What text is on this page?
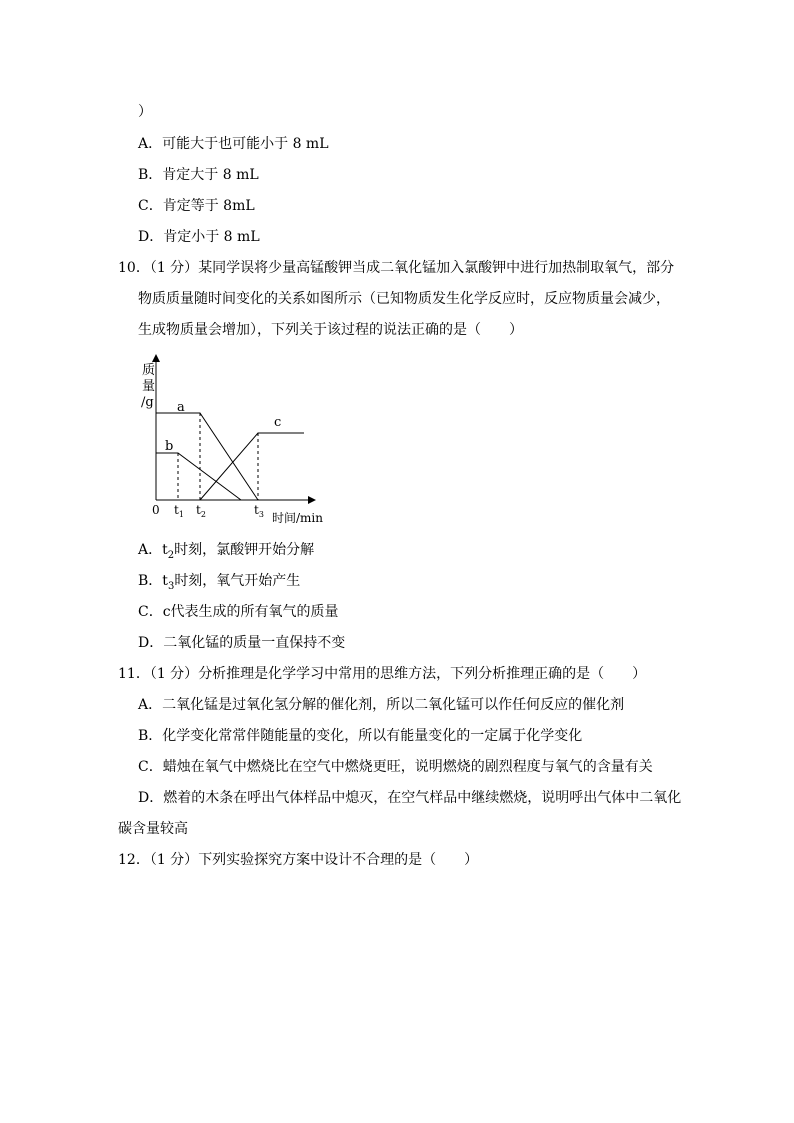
）
A．可能大于也可能小于 8 mL
B．肯定大于 8 mL
C．肯定等于 8mL
D．肯定小于 8 mL
10．（1 分）某同学误将少量高锰酸钾当成二氧化锰加入氯酸钾中进行加热制取氧气，部分
物质质量随时间变化的关系如图所示（已知物质发生化学反应时，反应物质量会减少，
生成物质量会增加），下列关于该过程的说法正确的是（　　）
质
量
/g
0
时间/min
a
b
c
$t_1$ $t_2$	$t_3$
A．$t_2$时刻，氯酸钾开始分解
B．$t_3$时刻，氧气开始产生
C．c代表生成的所有氧气的质量
D．二氧化锰的质量一直保持不变
11．（1 分）分析推理是化学学习中常用的思维方法，下列分析推理正确的是（　　）
A．二氧化锰是过氧化氢分解的催化剂，所以二氧化锰可以作任何反应的催化剂
B．化学变化常常伴随能量的变化，所以有能量变化的一定属于化学变化
C．蜡烛在氧气中燃烧比在空气中燃烧更旺，说明燃烧的剧烈程度与氧气的含量有关
D．燃着的木条在呼出气体样品中熄灭，在空气样品中继续燃烧，说明呼出气体中二氧化
碳含量较高
12．（1 分）下列实验探究方案中设计不合理的是（　　）
